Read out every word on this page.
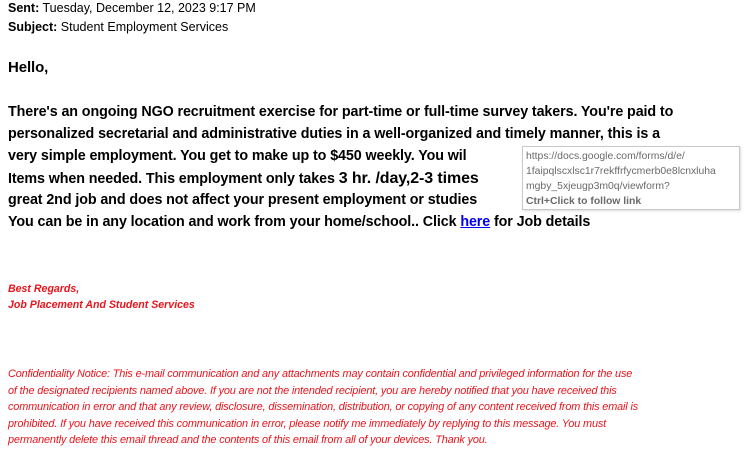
Sent: Tuesday, December 12, 2023 9:17 PM
Subject: Student Employment Services
Hello,
There's an ongoing NGO recruitment exercise for part-time or full-time survey takers. You're paid to
personalized secretarial and administrative duties in a well-organized and timely manner, this is a
very simple employment. You get to make up to $450 weekly. You wil
Items when needed. This employment only takes 3 hr. /day,2-3 times
great 2nd job and does not affect your present employment or studies
You can be in any location and work from your home/school.. Click here for Job details
https://docs.google.com/forms/d/e/
1faipqlscxlsc1r7rekffrfycmerb0e8lcnxluha
mgby_5xjeugp3m0q/viewform?
Ctrl+Click to follow link
Best Regards,
Job Placement And Student Services
Confidentiality Notice: This e-mail communication and any attachments may contain confidential and privileged information for the use
of the designated recipients named above. If you are not the intended recipient, you are hereby notified that you have received this
communication in error and that any review, disclosure, dissemination, distribution, or copying of any content received from this email is
prohibited. If you have received this communication in error, please notify me immediately by replying to this message. You must
permanently delete this email thread and the contents of this email from all of your devices. Thank you.
